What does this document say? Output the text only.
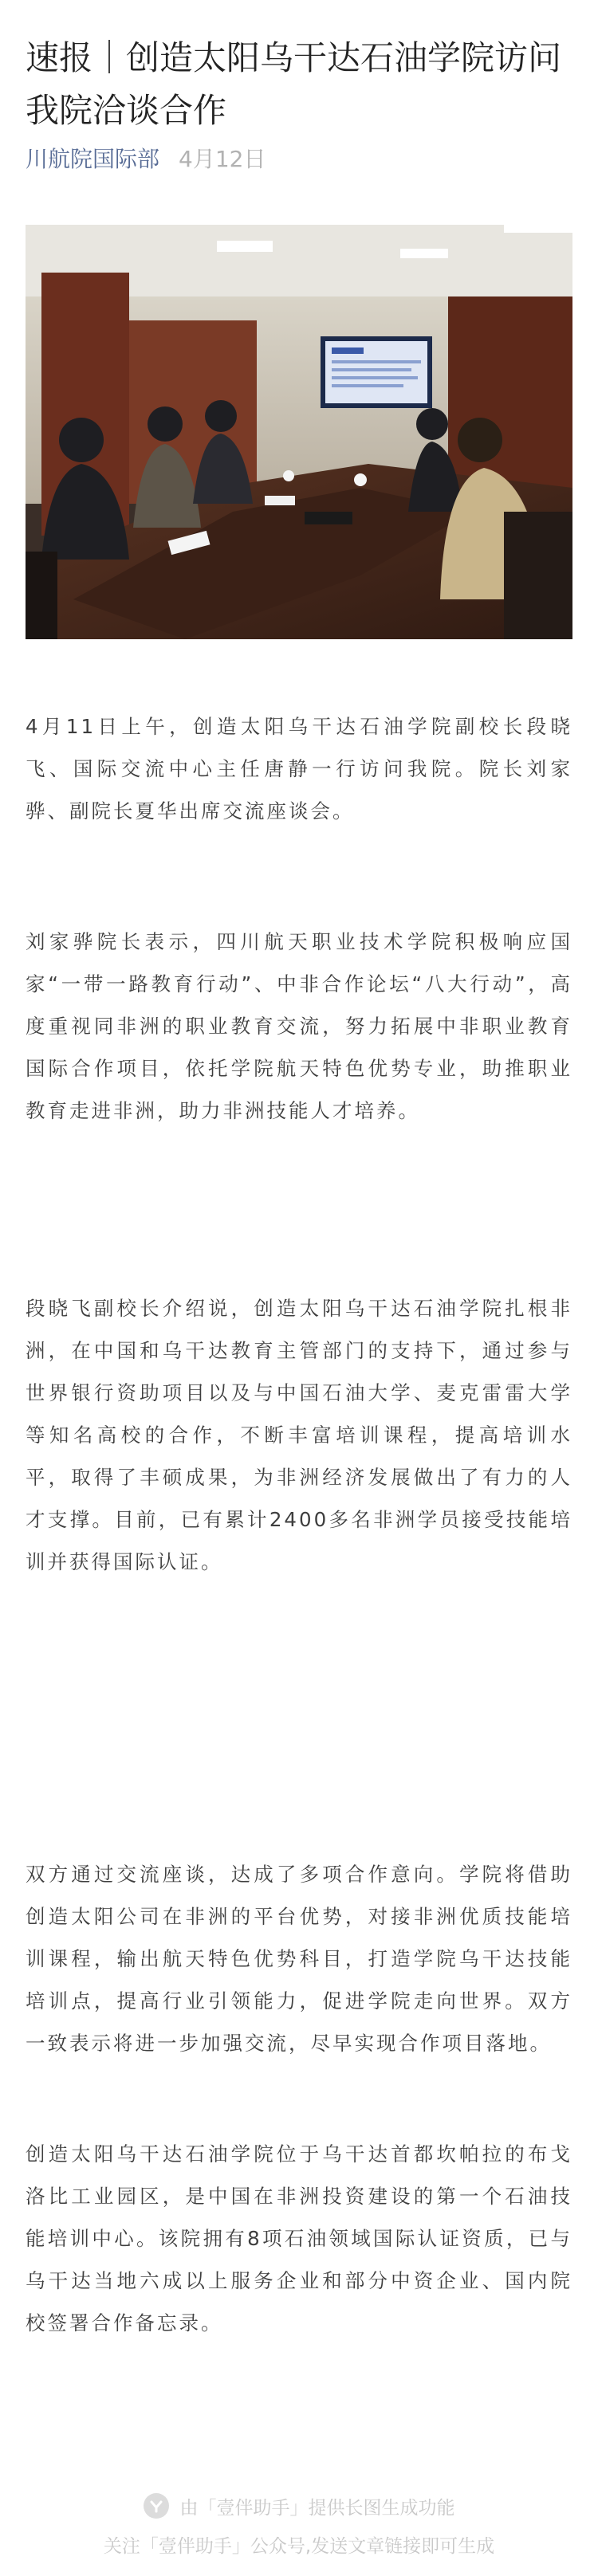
速报｜创造太阳乌干达石油学院访问我院洽谈合作
川航院国际部 4月12日

4月11日上午，创造太阳乌干达石油学院副校长段晓飞、国际交流中心主任唐静一行访问我院。院长刘家骅、副院长夏华出席交流座谈会。

刘家骅院长表示，四川航天职业技术学院积极响应国家“一带一路教育行动”、中非合作论坛“八大行动”，高度重视同非洲的职业教育交流，努力拓展中非职业教育国际合作项目，依托学院航天特色优势专业，助推职业教育走进非洲，助力非洲技能人才培养。

段晓飞副校长介绍说，创造太阳乌干达石油学院扎根非洲，在中国和乌干达教育主管部门的支持下，通过参与世界银行资助项目以及与中国石油大学、麦克雷雷大学等知名高校的合作，不断丰富培训课程，提高培训水平，取得了丰硕成果，为非洲经济发展做出了有力的人才支撑。目前，已有累计2400多名非洲学员接受技能培训并获得国际认证。

双方通过交流座谈，达成了多项合作意向。学院将借助创造太阳公司在非洲的平台优势，对接非洲优质技能培训课程，输出航天特色优势科目，打造学院乌干达技能培训点，提高行业引领能力，促进学院走向世界。双方一致表示将进一步加强交流，尽早实现合作项目落地。

创造太阳乌干达石油学院位于乌干达首都坎帕拉的布戈洛比工业园区，是中国在非洲投资建设的第一个石油技能培训中心。该院拥有8项石油领域国际认证资质，已与乌干达当地六成以上服务企业和部分中资企业、国内院校签署合作备忘录。

由「壹伴助手」提供长图生成功能
关注「壹伴助手」公众号,发送文章链接即可生成
